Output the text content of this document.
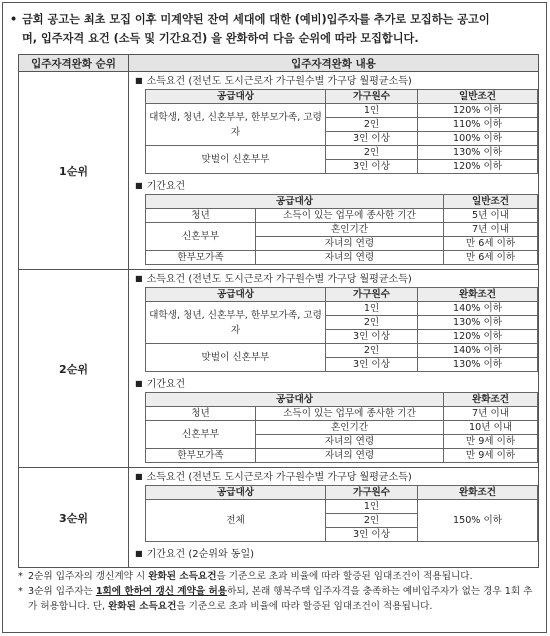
• 금회 공고는 최초 모집 이후 미계약된 잔여 세대에 대한 (예비)입주자를 추가로 모집하는 공고이
며, 입주자격 요건 (소득 및 기간요건) 을 완화하여 다음 순위에 따라 모집합니다.
입주자격완화 순위	입주자격완화 내용
1순위	
■ 소득요건 (전년도 도시근로자 가구원수별 가구당 월평균소득)
공급대상	가구원수	일반조건
대학생, 청년, 신혼부부, 한부모가족, 고령자	1인	120% 이하
2인	110% 이하
3인 이상	100% 이하
맞벌이 신혼부부	2인	130% 이하
3인 이상	120% 이하
■ 기간요건
공급대상	일반조건
청년	소득이 있는 업무에 종사한 기간	5년 이내
신혼부부	혼인기간	7년 이내
자녀의 연령	만 6세 이하
한부모가족	자녀의 연령	만 6세 이하

2순위	
■ 소득요건 (전년도 도시근로자 가구원수별 가구당 월평균소득)
공급대상	가구원수	완화조건
대학생, 청년, 신혼부부, 한부모가족, 고령자	1인	140% 이하
2인	130% 이하
3인 이상	120% 이하
맞벌이 신혼부부	2인	140% 이하
3인 이상	130% 이하
■ 기간요건
공급대상	완화조건
청년	소득이 있는 업무에 종사한 기간	7년 이내
신혼부부	혼인기간	10년 이내
자녀의 연령	만 9세 이하
한부모가족	자녀의 연령	만 9세 이하

3순위	
■ 소득요건 (전년도 도시근로자 가구원수별 가구당 월평균소득)
공급대상	가구원수	완화조건
전체	1인	150% 이하
2인
3인 이상
■ 기간요건 (2순위와 동일)
* 2순위 입주자의 갱신계약 시 완화된 소득요건을 기준으로 초과 비율에 따라 할증된 임대조건이 적용됩니다.
* 3순위 입주자는 1회에 한하여 갱신 계약을 허용하되, 본래 행복주택 입주자격을 충족하는 예비입주자가 없는 경우 1회 추가 허용합니다. 단, 완화된 소득요건을 기준으로 초과 비율에 따라 할증된 임대조건이 적용됩니다.
